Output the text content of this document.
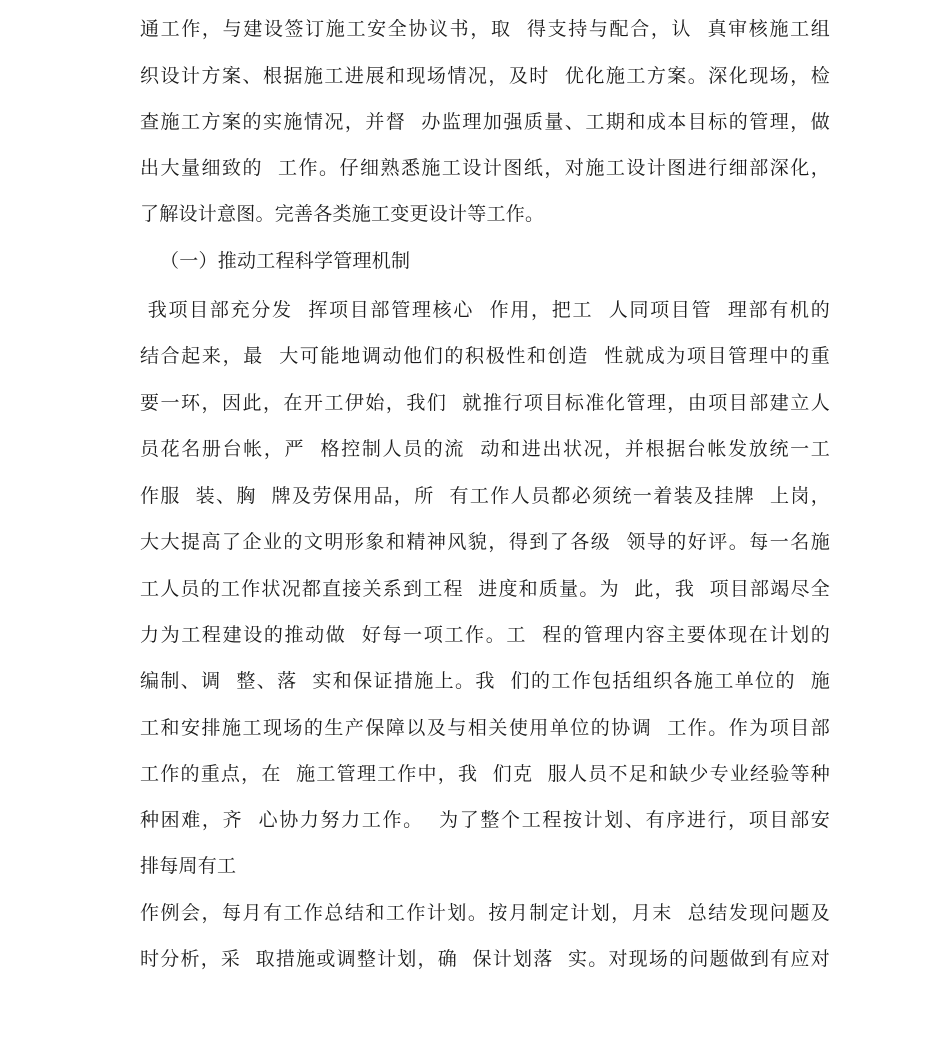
通工作，与建设签订施工安全协议书，取  得支持与配合，认  真审核施工组
织设计方案、根据施工进展和现场情况，及时  优化施工方案。深化现场，检
查施工方案的实施情况，并督  办监理加强质量、工期和成本目标的管理，做
出大量细致的  工作。仔细熟悉施工设计图纸，对施工设计图进行细部深化，
了解设计意图。完善各类施工变更设计等工作。
（一）推动工程科学管理机制
我项目部充分发  挥项目部管理核心  作用，把工  人同项目管  理部有机的
结合起来，最  大可能地调动他们的积极性和创造  性就成为项目管理中的重
要一环，因此，在开工伊始，我们  就推行项目标准化管理，由项目部建立人
员花名册台帐，严  格控制人员的流  动和进出状况，并根据台帐发放统一工
作服  装、胸  牌及劳保用品，所  有工作人员都必须统一着装及挂牌  上岗，
大大提高了企业的文明形象和精神风貌，得到了各级  领导的好评。每一名施
工人员的工作状况都直接关系到工程  进度和质量。为  此，我  项目部竭尽全
力为工程建设的推动做  好每一项工作。工  程的管理内容主要体现在计划的
编制、调  整、落  实和保证措施上。我  们的工作包括组织各施工单位的  施
工和安排施工现场的生产保障以及与相关使用单位的协调  工作。作为项目部
工作的重点，在  施工管理工作中，我  们克  服人员不足和缺少专业经验等种
种困难，齐  心协力努力工作。  为了整个工程按计划、有序进行，项目部安
排每周有工
作例会，每月有工作总结和工作计划。按月制定计划，月末  总结发现问题及
时分析，采  取措施或调整计划，确  保计划落  实。对现场的问题做到有应对
